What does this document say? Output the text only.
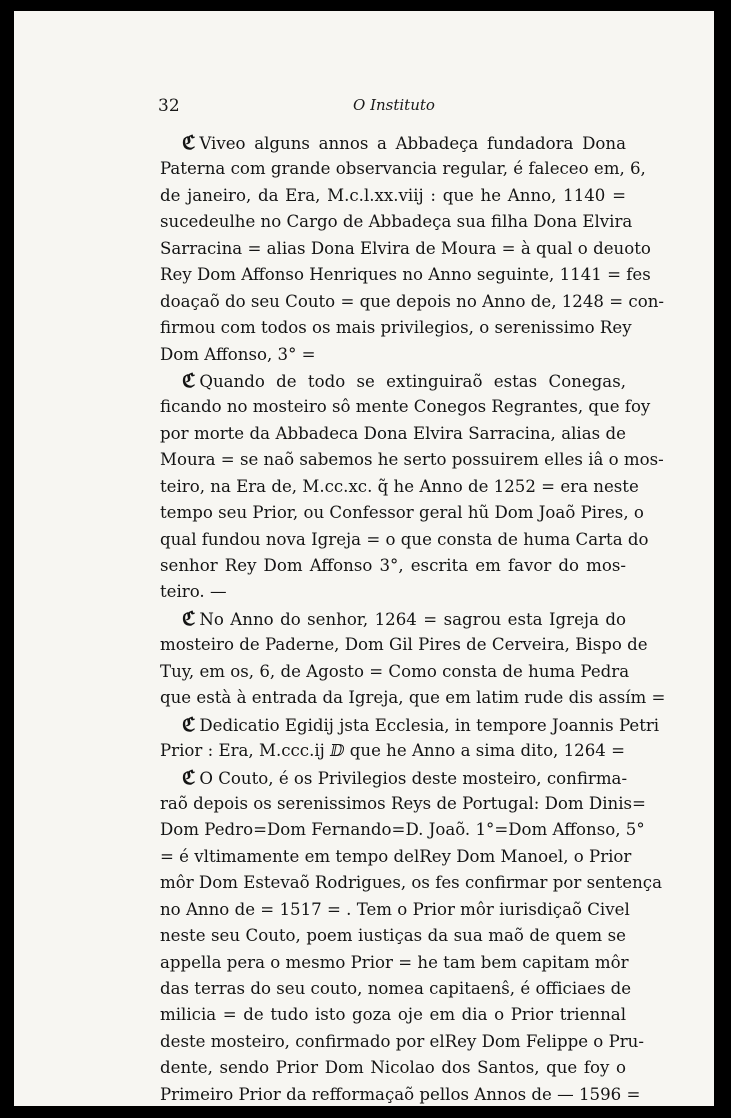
32	O Instituto
ℭ Viveo alguns annos a Abbadeça fundadora Dona
Paterna com grande observancia regular, é faleceo em, 6,
de janeiro, da Era, M.c.l.xx.viij : que he Anno, 1140 =
sucedeulhe no Cargo de Abbadeça sua filha Dona Elvira
Sarracina = alias Dona Elvira de Moura = à qual o deuoto
Rey Dom Affonso Henriques no Anno seguinte, 1141 = fes
doaçaõ do seu Couto = que depois no Anno de, 1248 = con-
firmou com todos os mais privilegios, o serenissimo Rey
Dom Affonso, 3° =
ℭ Quando de todo se extinguiraõ estas Conegas,
ficando no mosteiro sô mente Conegos Regrantes, que foy
por morte da Abbadeca Dona Elvira Sarracina, alias de
Moura = se naõ sabemos he serto possuirem elles iâ o mos-
teiro, na Era de, M.cc.xc. q̃ he Anno de 1252 = era neste
tempo seu Prior, ou Confessor geral hũ Dom Joaõ Pires, o
qual fundou nova Igreja = o que consta de huma Carta do
senhor Rey Dom Affonso 3°, escrita em favor do mos-
teiro. —
ℭ No Anno do senhor, 1264 = sagrou esta Igreja do
mosteiro de Paderne, Dom Gil Pires de Cerveira, Bispo de
Tuy, em os, 6, de Agosto = Como consta de huma Pedra
que està à entrada da Igreja, que em latim rude dis assím =
ℭ Dedicatio Egidij jsta Ecclesia, in tempore Joannis Petri
Prior : Era, M.ccc.ij ⅅ que he Anno a sima dito, 1264 =
ℭ O Couto, é os Privilegios deste mosteiro, confirma-
raõ depois os serenissimos Reys de Portugal: Dom Dinis=
Dom Pedro=Dom Fernando=D. Joaõ. 1°=Dom Affonso, 5°
= é vltimamente em tempo delRey Dom Manoel, o Prior
môr Dom Estevaõ Rodrigues, os fes confirmar por sentença
no Anno de = 1517 = . Tem o Prior môr iurisdiçaõ Civel
neste seu Couto, poem iustiças da sua maõ de quem se
appella pera o mesmo Prior = he tam bem capitam môr
das terras do seu couto, nomea capitaenŝ, é officiaes de
milicia = de tudo isto goza oje em dia o Prior triennal
deste mosteiro, confirmado por elRey Dom Felippe o Pru-
dente, sendo Prior Dom Nicolao dos Santos, que foy o
Primeiro Prior da refformaçaõ pellos Annos de — 1596 =
